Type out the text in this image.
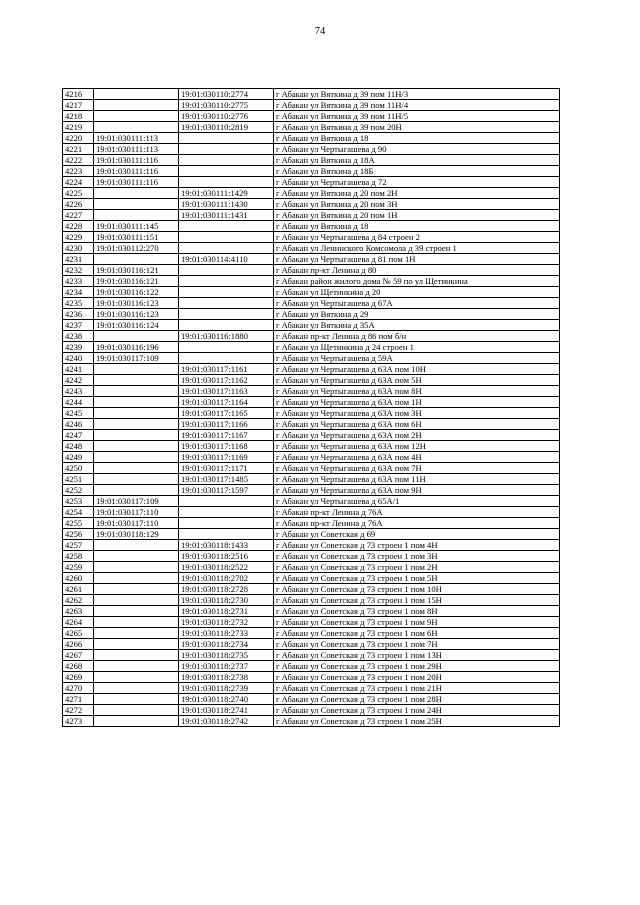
74
4216		19:01:030110:2774	г Абакан ул Вяткина д 39 пом 11Н/3
4217		19:01:030110:2775	г Абакан ул Вяткина д 39 пом 11Н/4
4218		19:01:030110:2776	г Абакан ул Вяткина д 39 пом 11Н/5
4219		19:01:030110:2819	г Абакан ул Вяткина д 39 пом 20Н
4220	19:01:030111:113		г Абакан ул Вяткина д 18
4221	19:01:030111:113		г Абакан ул Чертыгашева д 90
4222	19:01:030111:116		г Абакан ул Вяткина д 18А
4223	19:01:030111:116		г Абакан ул Вяткина д 18Б
4224	19:01:030111:116		г Абакан ул Чертыгашева д 72
4225		19:01:030111:1429	г Абакан ул Вяткина д 20 пом 2Н
4226		19:01:030111:1430	г Абакан ул Вяткина д 20 пом 3Н
4227		19:01:030111:1431	г Абакан ул Вяткина д 20 пом 1Н
4228	19:01:030111:145		г Абакан ул Вяткина д 18
4229	19:01:030111:151		г Абакан ул Чертыгашева д 84 строен 2
4230	19:01:030112:270		г Абакан ул Ленинского Комсомола д 39 строен 1
4231		19:01:030114:4110	г Абакан ул Чертыгашева д 81 пом 1Н
4232	19:01:030116:121		г Абакан пр-кт Ленина д 80
4233	19:01:030116:121		г Абакан район жилого дома № 59 по ул Щетинкина
4234	19:01:030116:122		г Абакан ул Щетинкина д 20
4235	19:01:030116:123		г Абакан ул Чертыгашева д 67А
4236	19:01:030116:123		г Абакан ул Вяткина д 29
4237	19:01:030116:124		г Абакан ул Вяткина д 35А
4238		19:01:030116:1880	г Абакан пр-кт Ленина д 86 пом б/н
4239	19:01:030116:196		г Абакан ул Щетинкина д 24 строен 1
4240	19:01:030117:109		г Абакан ул Чертыгашева д 59А
4241		19:01:030117:1161	г Абакан ул Чертыгашева д 63А пом 10Н
4242		19:01:030117:1162	г Абакан ул Чертыгашева д 63А пом 5Н
4243		19:01:030117:1163	г Абакан ул Чертыгашева д 63А пом 8Н
4244		19:01:030117:1164	г Абакан ул Чертыгашева д 63А пом 1Н
4245		19:01:030117:1165	г Абакан ул Чертыгашева д 63А пом 3Н
4246		19:01:030117:1166	г Абакан ул Чертыгашева д 63А пом 6Н
4247		19:01:030117:1167	г Абакан ул Чертыгашева д 63А пом 2Н
4248		19:01:030117:1168	г Абакан ул Чертыгашева д 63А пом 12Н
4249		19:01:030117:1169	г Абакан ул Чертыгашева д 63А пом 4Н
4250		19:01:030117:1171	г Абакан ул Чертыгашева д 63А пом 7Н
4251		19:01:030117:1485	г Абакан ул Чертыгашева д 63А пом 11Н
4252		19:01:030117:1597	г Абакан ул Чертыгашева д 63А пом 9Н
4253	19:01:030117:109		г Абакан ул Чертыгашева д 65А/1
4254	19:01:030117:110		г Абакан пр-кт Ленина д 76А
4255	19:01:030117:110		г Абакан пр-кт Ленина д 76А
4256	19:01:030118:129		г Абакан ул Советская д 69
4257		19:01:030118:1433	г Абакан ул Советская д 73 строен 1 пом 4Н
4258		19:01:030118:2516	г Абакан ул Советская д 73 строен 1 пом 3Н
4259		19:01:030118:2522	г Абакан ул Советская д 73 строен 1 пом 2Н
4260		19:01:030118:2702	г Абакан ул Советская д 73 строен 1 пом 5Н
4261		19:01:030118:2728	г Абакан ул Советская д 73 строен 1 пом 10Н
4262		19:01:030118:2730	г Абакан ул Советская д 73 строен 1 пом 15Н
4263		19:01:030118:2731	г Абакан ул Советская д 73 строен 1 пом 8Н
4264		19:01:030118:2732	г Абакан ул Советская д 73 строен 1 пом 9Н
4265		19:01:030118:2733	г Абакан ул Советская д 73 строен 1 пом 6Н
4266		19:01:030118:2734	г Абакан ул Советская д 73 строен 1 пом 7Н
4267		19:01:030118:2735	г Абакан ул Советская д 73 строен 1 пом 13Н
4268		19:01:030118:2737	г Абакан ул Советская д 73 строен 1 пом 29Н
4269		19:01:030118:2738	г Абакан ул Советская д 73 строен 1 пом 20Н
4270		19:01:030118:2739	г Абакан ул Советская д 73 строен 1 пом 21Н
4271		19:01:030118:2740	г Абакан ул Советская д 73 строен 1 пом 28Н
4272		19:01:030118:2741	г Абакан ул Советская д 73 строен 1 пом 24Н
4273		19:01:030118:2742	г Абакан ул Советская д 73 строен 1 пом 25Н
